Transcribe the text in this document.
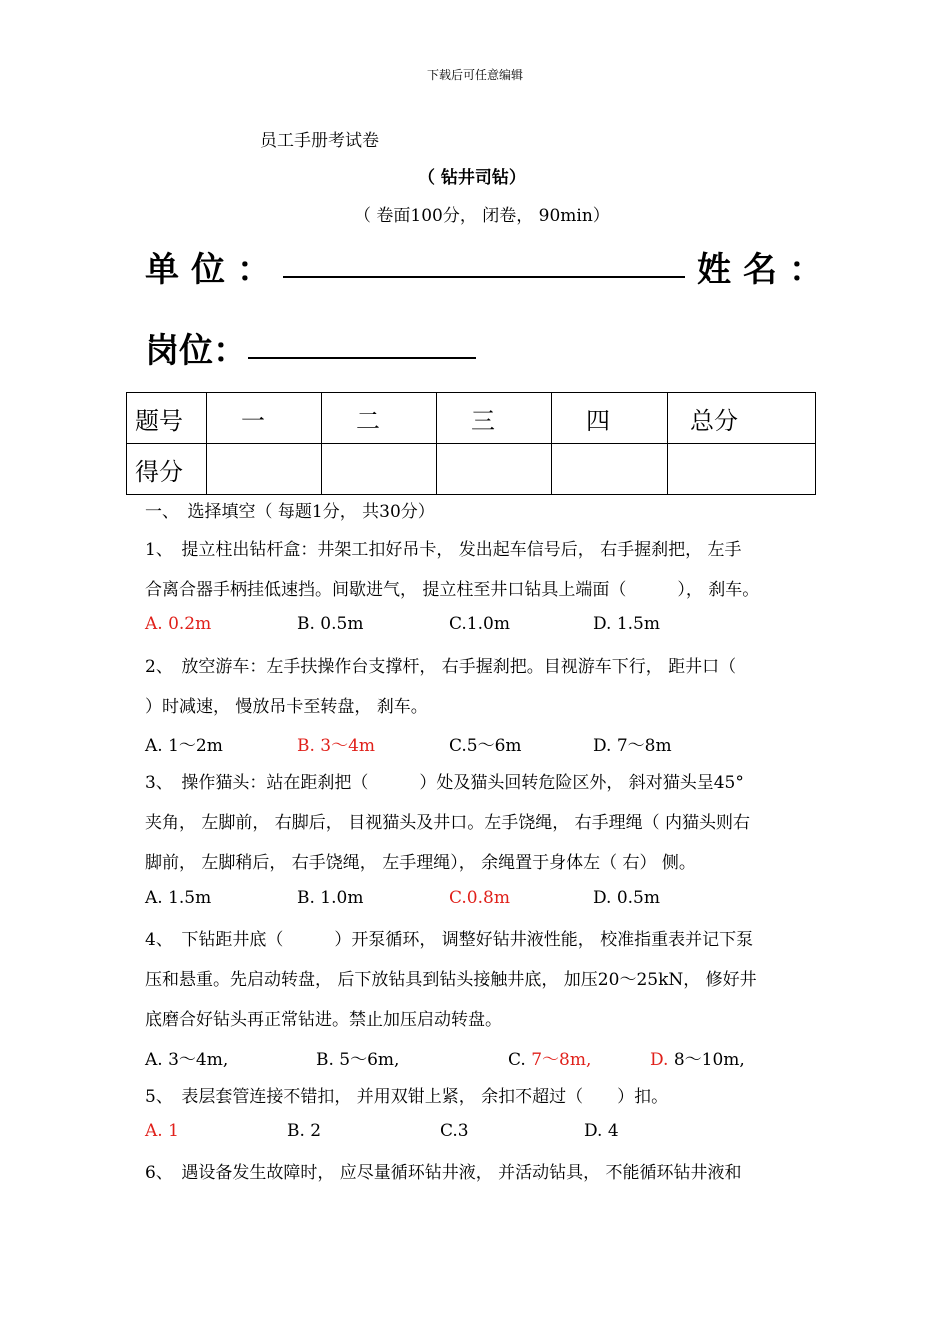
下载后可任意编辑
员工手册考试卷
（ 钻井司钻）
（ 卷面100分， 闭卷， 90min）
单位：	姓名：
岗位：
题号	一	二	三	四	总分
得分					
一、　选择填空（ 每题1分， 共30分）
1、　提立柱出钻杆盒：井架工扣好吊卡， 发出起车信号后， 右手握刹把， 左手
合离合器手柄挂低速挡。间歇进气， 提立柱至井口钻具上端面（　　　）， 刹车。
A. 0.2m	B. 0.5m	C.1.0m	D. 1.5m
2、　放空游车：左手扶操作台支撑杆， 右手握刹把。目视游车下行， 距井口（
）时减速， 慢放吊卡至转盘， 刹车。
A. 1～2m	B. 3～4m	C.5～6m	D. 7～8m
3、　操作猫头：站在距刹把（　　　）处及猫头回转危险区外， 斜对猫头呈45°
夹角， 左脚前， 右脚后， 目视猫头及井口。左手饶绳， 右手理绳（ 内猫头则右
脚前， 左脚稍后， 右手饶绳， 左手理绳）， 余绳置于身体左（ 右） 侧。
A. 1.5m	B. 1.0m	C.0.8m	D. 0.5m
4、　下钻距井底（　　　）开泵循环， 调整好钻井液性能， 校准指重表并记下泵
压和悬重。先启动转盘， 后下放钻具到钻头接触井底， 加压20～25kN， 修好井
底磨合好钻头再正常钻进。禁止加压启动转盘。
A. 3～4m,	B. 5～6m,	C. 7～8m,	D. 8～10m,
5、　表层套管连接不错扣， 并用双钳上紧， 余扣不超过（　　）扣。
A. 1	B. 2	C.3	D. 4
6、　遇设备发生故障时， 应尽量循环钻井液， 并活动钻具， 不能循环钻井液和
